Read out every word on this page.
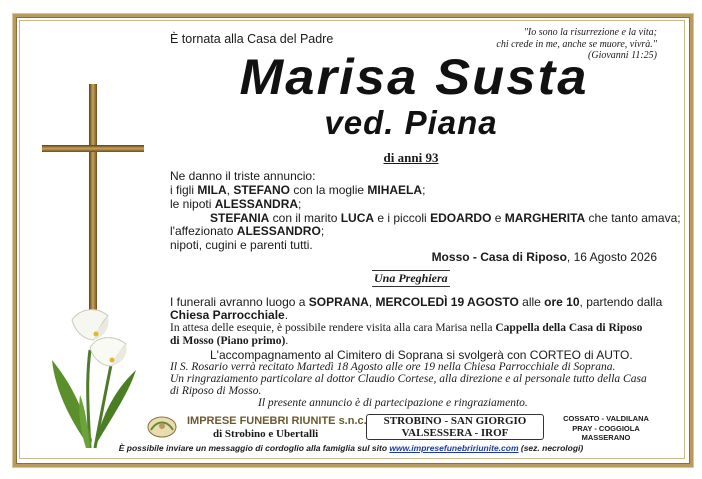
È tornata alla Casa del Padre	"Io sono la risurrezione e la vita;
chi crede in me, anche se muore, vivrà."
(Giovanni 11:25)
Marisa Susta
ved. Piana
di anni 93
Ne danno il triste annuncio:
i figli MILA, STEFANO con la moglie MIHAELA;
le nipoti ALESSANDRA;
STEFANIA con il marito LUCA e i piccoli EDOARDO e MARGHERITA che tanto amava;
l'affezionato ALESSANDRO;
nipoti, cugini e parenti tutti.
Mosso - Casa di Riposo, 16 Agosto 2026
Una Preghiera
I funerali avranno luogo a SOPRANA, MERCOLEDÌ 19 AGOSTO alle ore 10, partendo dalla
Chiesa Parrocchiale.
In attesa delle esequie, è possibile rendere visita alla cara Marisa nella Cappella della Casa di Riposo
di Mosso (Piano primo).
L'accompagnamento al Cimitero di Soprana si svolgerà con CORTEO di AUTO.
Il S. Rosario verrà recitato Martedì 18 Agosto alle ore 19 nella Chiesa Parrocchiale di Soprana.
Un ringraziamento particolare al dottor Claudio Cortese, alla direzione e al personale tutto della Casa
di Riposo di Mosso.
Il presente annuncio è di partecipazione e ringraziamento.
IMPRESE FUNEBRI RIUNITE s.n.c.
di Strobino e Ubertalli
STROBINO - SAN GIORGIO
VALSESSERA - IROF
COSSATO - VALDILANA
PRAY - COGGIOLA
MASSERANO
È possibile inviare un messaggio di cordoglio alla famiglia sul sito www.impresefunebririunite.com (sez. necrologi)
